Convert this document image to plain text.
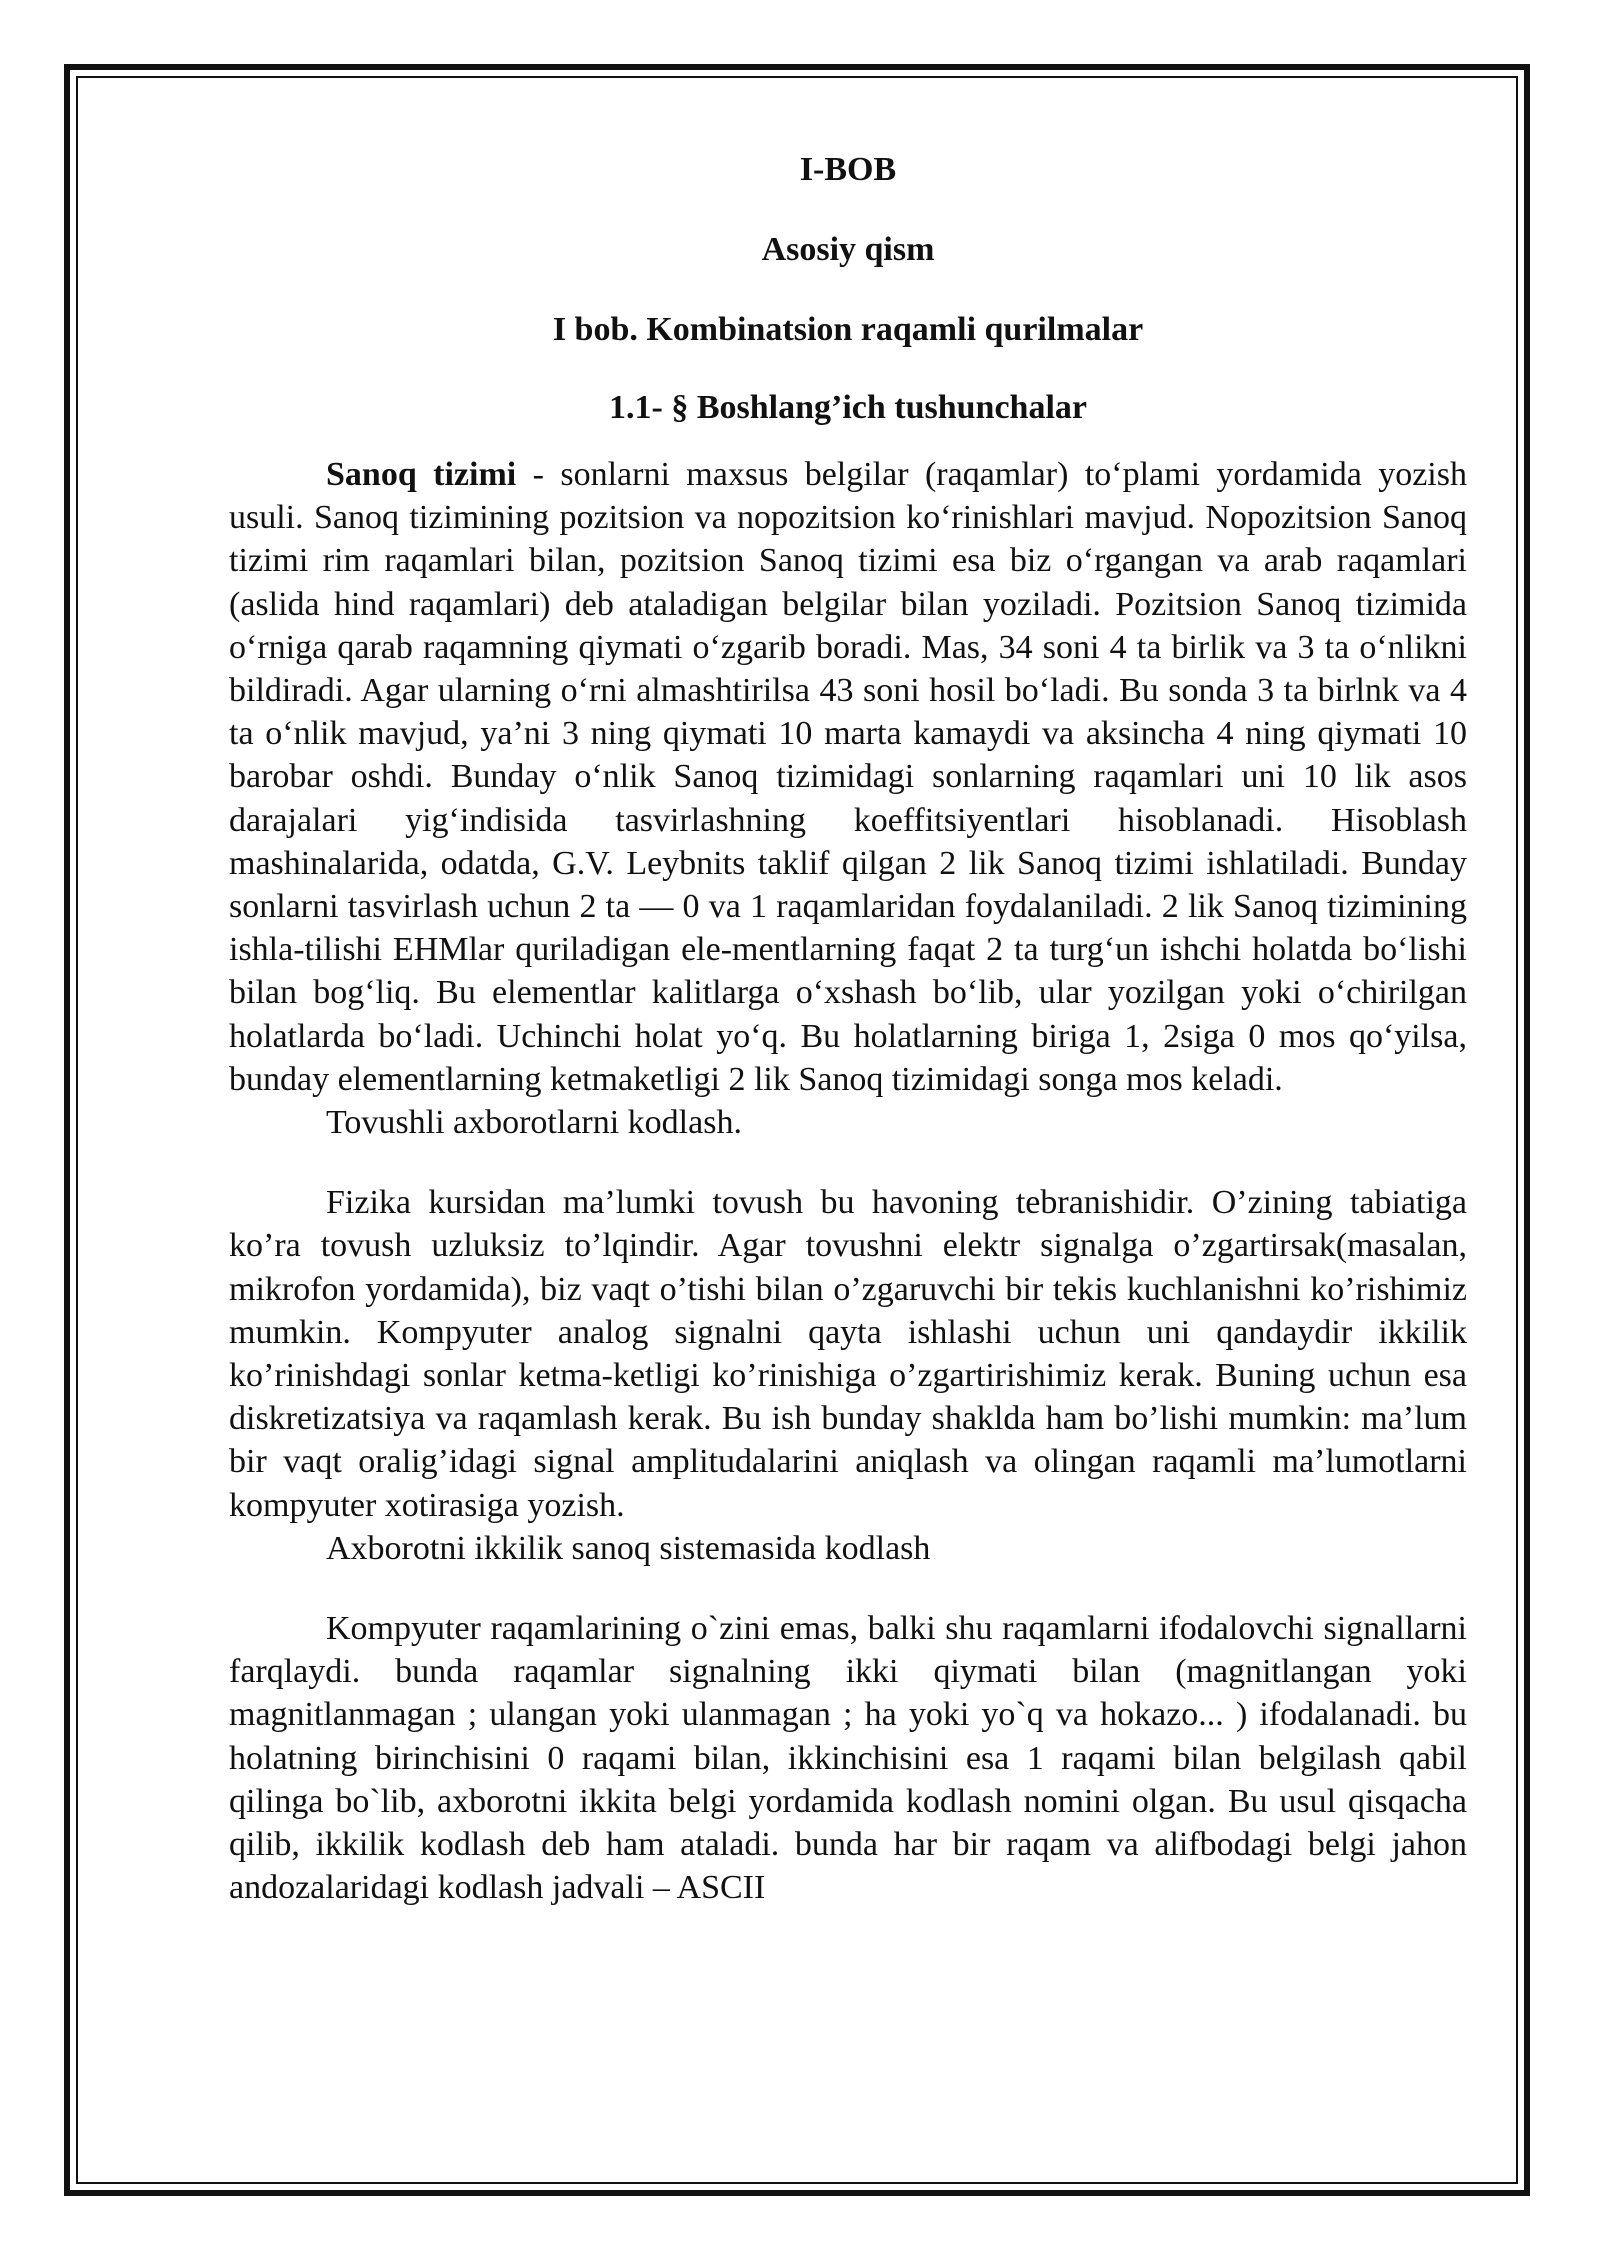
I-BOB

Asosiy qism

I bob. Kombinatsion raqamli qurilmalar

1.1- § Boshlang’ich tushunchalar

Sanoq tizimi - sonlarni maxsus belgilar (raqamlar) to‘plami yordamida yozish usuli. Sanoq tizimining pozitsion va nopozitsion ko‘rinishlari mavjud. Nopozitsion Sanoq tizimi rim raqamlari bilan, pozitsion Sanoq tizimi esa biz o‘rgangan va arab raqamlari (aslida hind raqamlari) deb ataladigan belgilar bilan yoziladi. Pozitsion Sanoq tizimida o‘rniga qarab raqamning qiymati o‘zgarib boradi. Mas, 34 soni 4 ta birlik va 3 ta o‘nlikni bildiradi. Agar ularning o‘rni almashtirilsa 43 soni hosil bo‘ladi. Bu sonda 3 ta birlnk va 4 ta o‘nlik mavjud, ya’ni 3 ning qiymati 10 marta kamaydi va aksincha 4 ning qiymati 10 barobar oshdi. Bunday o‘nlik Sanoq tizimidagi sonlarning raqamlari uni 10 lik asos darajalari yig‘indisida tasvirlashning koeffitsiyentlari hisoblanadi. Hisoblash mashinalarida, odatda, G.V. Leybnits taklif qilgan 2 lik Sanoq tizimi ishlatiladi. Bunday sonlarni tasvirlash uchun 2 ta — 0 va 1 raqamlaridan foydalaniladi. 2 lik Sanoq tizimining ishla-tilishi EHMlar quriladigan ele-mentlarning faqat 2 ta turg‘un ishchi holatda bo‘lishi bilan bog‘liq. Bu elementlar kalitlarga o‘xshash bo‘lib, ular yozilgan yoki o‘chirilgan holatlarda bo‘ladi. Uchinchi holat yo‘q. Bu holatlarning biriga 1, 2siga 0 mos qo‘yilsa, bunday elementlarning ketmaketligi 2 lik Sanoq tizimidagi songa mos keladi.

Tovushli axborotlarni kodlash.

Fizika kursidan ma’lumki tovush bu havoning tebranishidir. O’zining tabiatiga ko’ra tovush uzluksiz to’lqindir. Agar tovushni elektr signalga o’zgartirsak(masalan, mikrofon yordamida), biz vaqt o’tishi bilan o’zgaruvchi bir tekis kuchlanishni ko’rishimiz mumkin. Kompyuter analog signalni qayta ishlashi uchun uni qandaydir ikkilik ko’rinishdagi sonlar ketma-ketligi ko’rinishiga o’zgartirishimiz kerak. Buning uchun esa diskretizatsiya va raqamlash kerak. Bu ish bunday shaklda ham bo’lishi mumkin: ma’lum bir vaqt oralig’idagi signal amplitudalarini aniqlash va olingan raqamli ma’lumotlarni kompyuter xotirasiga yozish.

Axborotni ikkilik sanoq sistemasida kodlash

Kompyuter raqamlarining o`zini emas, balki shu raqamlarni ifodalovchi signallarni farqlaydi. bunda raqamlar signalning ikki qiymati bilan (magnitlangan yoki magnitlanmagan ; ulangan yoki ulanmagan ; ha yoki yo`q va hokazo... ) ifodalanadi. bu holatning birinchisini 0 raqami bilan, ikkinchisini esa 1 raqami bilan belgilash qabil qilinga bo`lib, axborotni ikkita belgi yordamida kodlash nomini olgan. Bu usul qisqacha qilib, ikkilik kodlash deb ham ataladi. bunda har bir raqam va alifbodagi belgi jahon andozalaridagi kodlash jadvali – ASCII
